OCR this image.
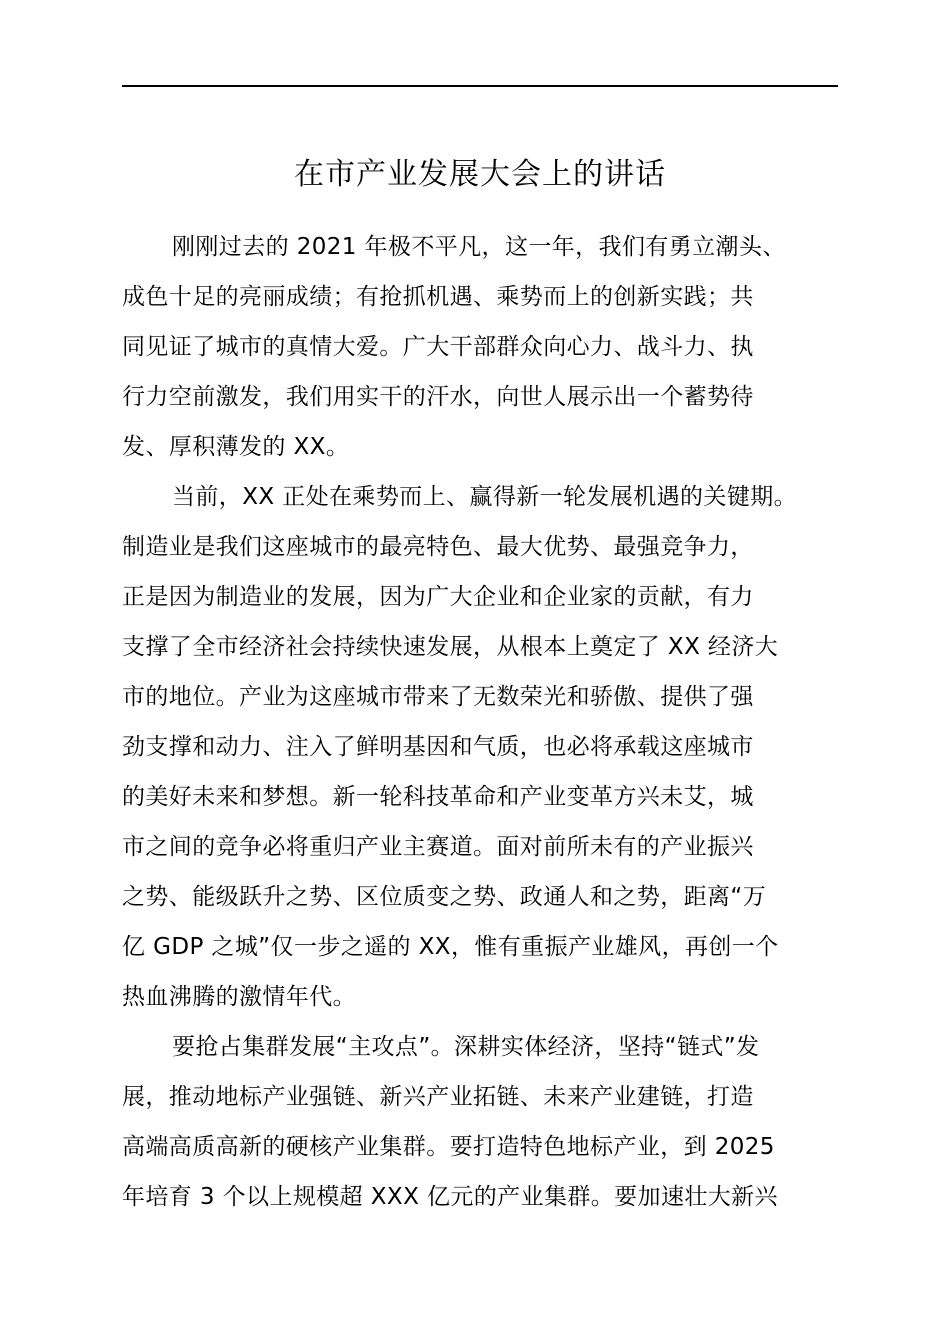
在市产业发展大会上的讲话
刚刚过去的 2021 年极不平凡，这一年，我们有勇立潮头、
成色十足的亮丽成绩；有抢抓机遇、乘势而上的创新实践；共
同见证了城市的真情大爱。广大干部群众向心力、战斗力、执
行力空前激发，我们用实干的汗水，向世人展示出一个蓄势待
发、厚积薄发的 XX。
当前，XX 正处在乘势而上、赢得新一轮发展机遇的关键期。
制造业是我们这座城市的最亮特色、最大优势、最强竞争力，
正是因为制造业的发展，因为广大企业和企业家的贡献，有力
支撑了全市经济社会持续快速发展，从根本上奠定了 XX 经济大
市的地位。产业为这座城市带来了无数荣光和骄傲、提供了强
劲支撑和动力、注入了鲜明基因和气质，也必将承载这座城市
的美好未来和梦想。新一轮科技革命和产业变革方兴未艾，城
市之间的竞争必将重归产业主赛道。面对前所未有的产业振兴
之势、能级跃升之势、区位质变之势、政通人和之势，距离“万
亿 GDP 之城”仅一步之遥的 XX，惟有重振产业雄风，再创一个
热血沸腾的激情年代。
要抢占集群发展“主攻点”。深耕实体经济，坚持“链式”发
展，推动地标产业强链、新兴产业拓链、未来产业建链，打造
高端高质高新的硬核产业集群。要打造特色地标产业，到 2025
年培育 3 个以上规模超 XXX 亿元的产业集群。要加速壮大新兴
